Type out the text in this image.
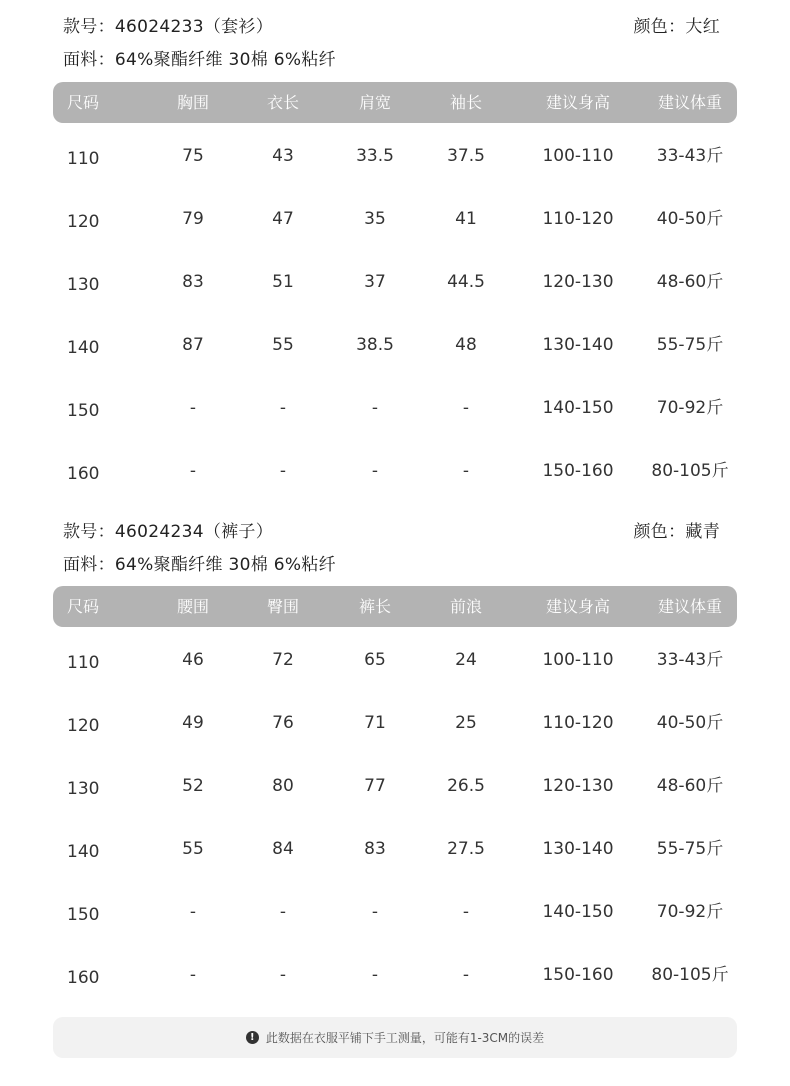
款号：46024233（套衫）	颜色：大红
面料：64%聚酯纤维 30棉 6%粘纤
尺码	胸围	衣长	肩宽	袖长	建议身高	建议体重
110	75	43	33.5	37.5	100-110	33-43斤
120	79	47	35	41	110-120	40-50斤
130	83	51	37	44.5	120-130	48-60斤
140	87	55	38.5	48	130-140	55-75斤
150	-	-	-	-	140-150	70-92斤
160	-	-	-	-	150-160 80-105斤
款号：46024234（裤子）	颜色：藏青
面料：64%聚酯纤维 30棉 6%粘纤
尺码	腰围	臀围	裤长	前浪	建议身高	建议体重
110	46	72	65	24	100-110	33-43斤
120	49	76	71	25	110-120	40-50斤
130	52	80	77	26.5	120-130	48-60斤
140	55	84	83	27.5	130-140	55-75斤
150	-	-	-	-	140-150	70-92斤
160	-	-	-	-	150-160 80-105斤
! 此数据在衣服平铺下手工测量，可能有1-3CM的误差
